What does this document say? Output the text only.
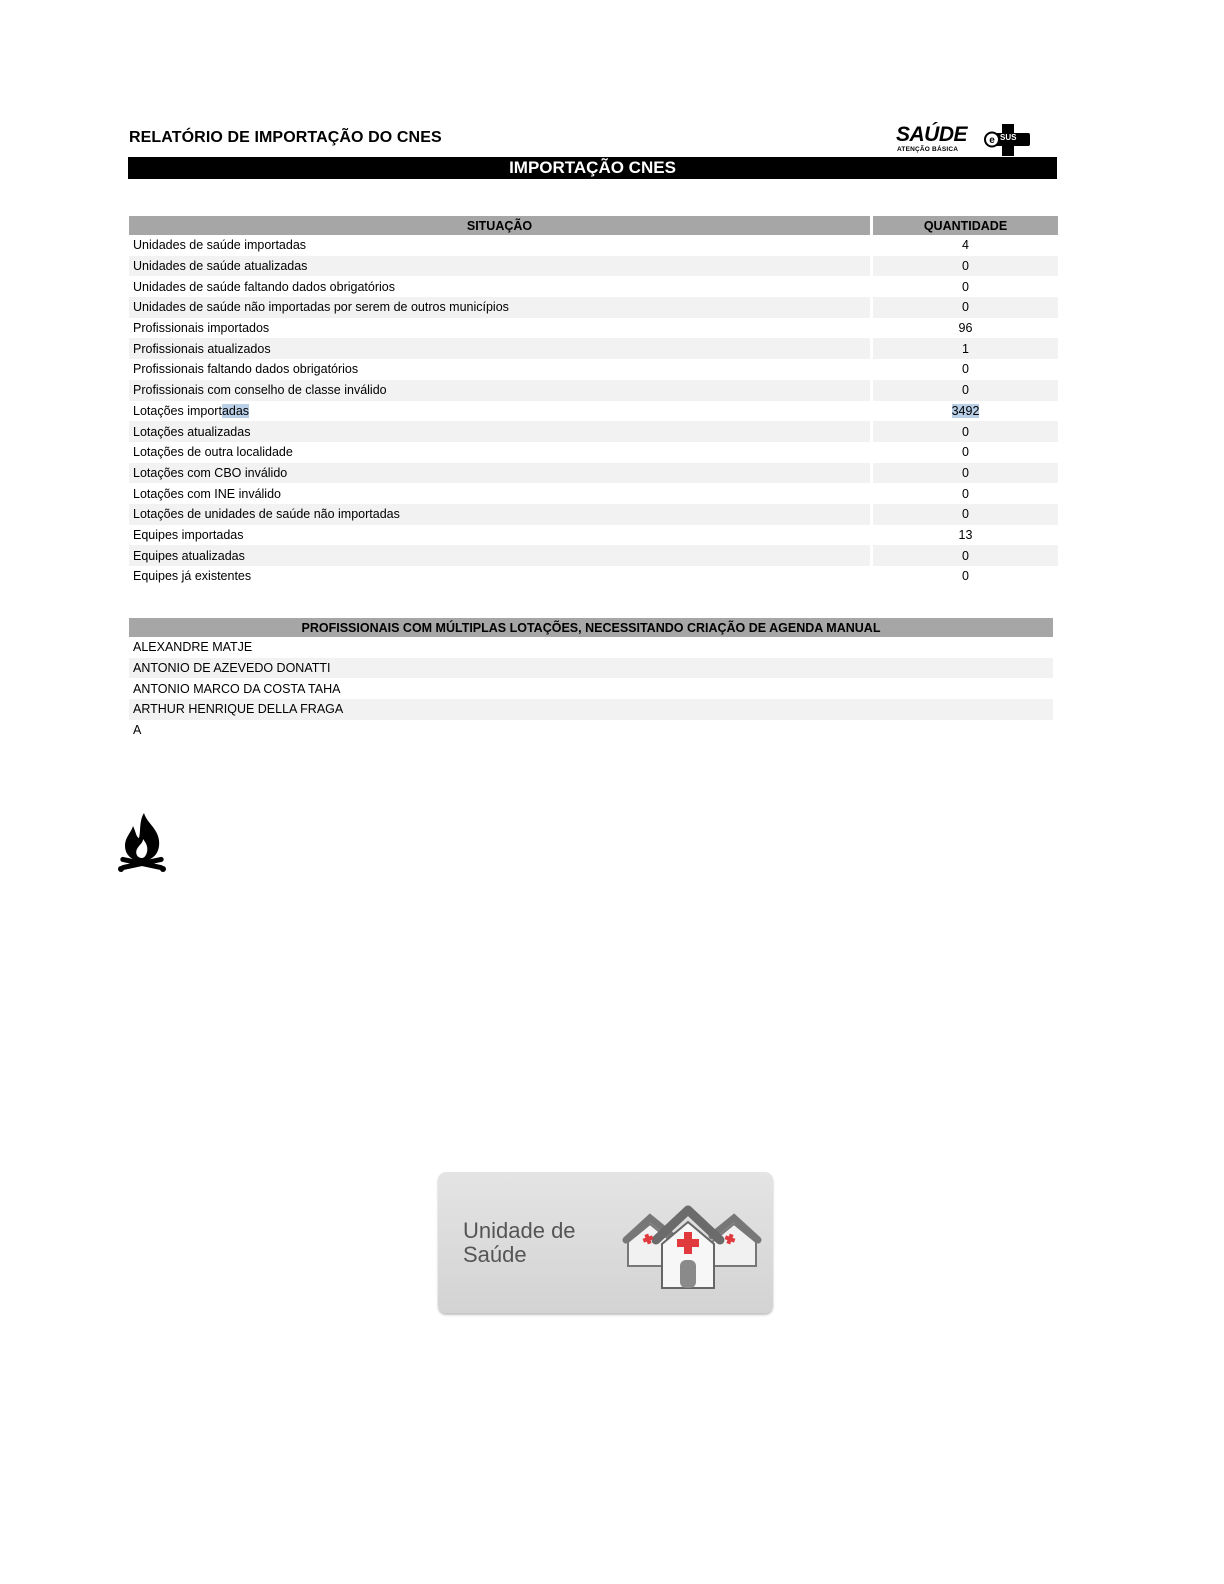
RELATÓRIO DE IMPORTAÇÃO DO CNES	SAÚDE
ATENÇÃO BÁSICA
e SUS
IMPORTAÇÃO CNES
SITUAÇÃO		QUANTIDADE
Unidades de saúde importadas		4
Unidades de saúde atualizadas		0
Unidades de saúde faltando dados obrigatórios		0
Unidades de saúde não importadas por serem de outros municípios		0
Profissionais importados		96
Profissionais atualizados		1
Profissionais faltando dados obrigatórios		0
Profissionais com conselho de classe inválido		0
Lotações importadas		3492
Lotações atualizadas		0
Lotações de outra localidade		0
Lotações com CBO inválido		0
Lotações com INE inválido		0
Lotações de unidades de saúde não importadas		0
Equipes importadas		13
Equipes atualizadas		0
Equipes já existentes		0
PROFISSIONAIS COM MÚLTIPLAS LOTAÇÕES, NECESSITANDO CRIAÇÃO DE AGENDA MANUAL
ALEXANDRE MATJE
ANTONIO DE AZEVEDO DONATTI
ANTONIO MARCO DA COSTA TAHA
ARTHUR HENRIQUE DELLA FRAGA
A
Unidade de Saúde
